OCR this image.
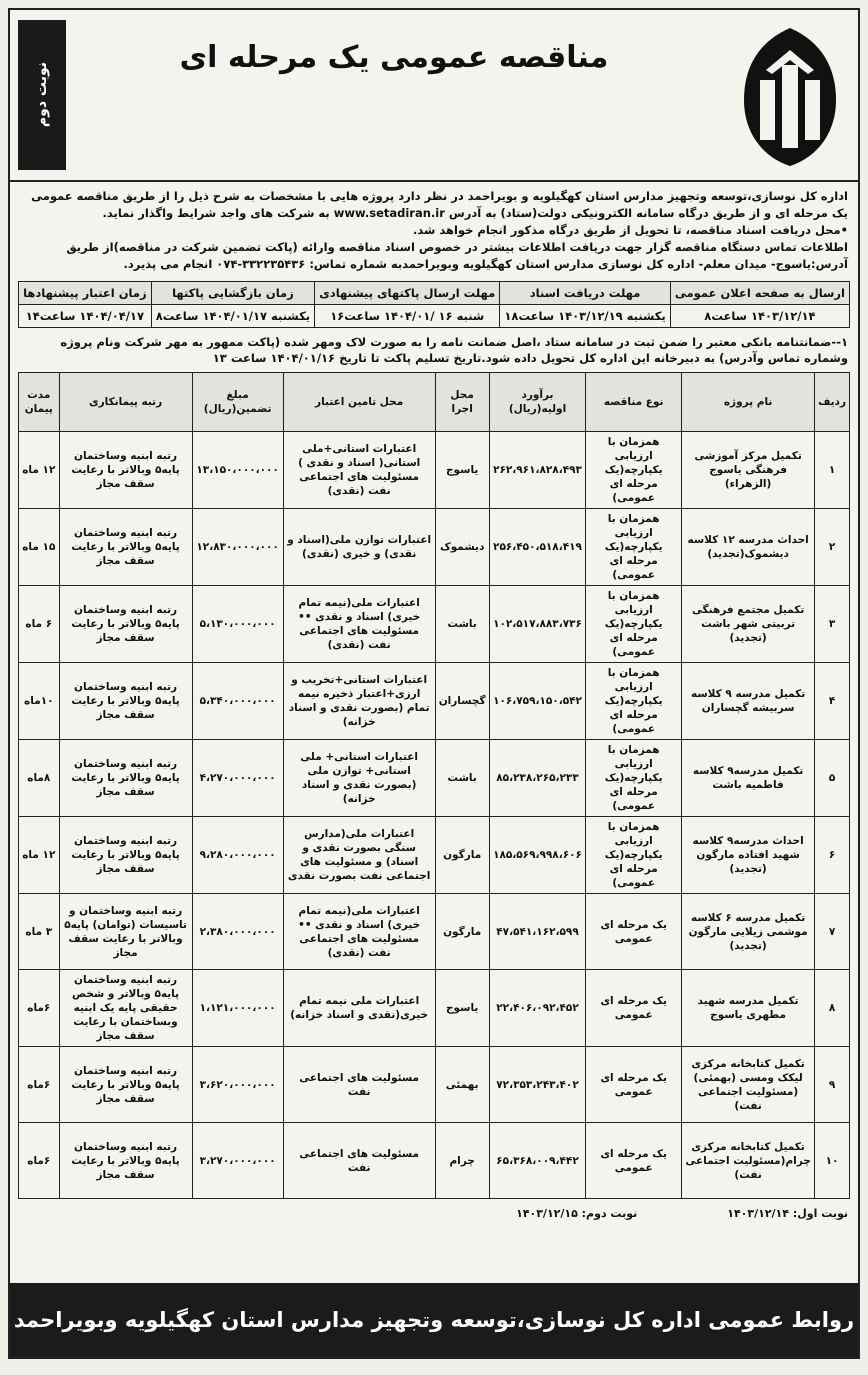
مناقصه عمومی یک مرحله ای
نوبت دوم

اداره کل نوسازی،توسعه وتجهیز مدارس استان کهگیلویه و بویراحمد در نظر دارد پروژه هایی با مشخصات به شرح ذیل را از طریق مناقصه عمومی یک مرحله ای و از طریق درگاه سامانه الکترونیکی دولت(ستاد) به آدرس www.setadiran.ir به شرکت های واجد شرایط واگذار نماید.

•محل دریافت اسناد مناقصه، تا تحویل از طریق درگاه مذکور انجام خواهد شد.

اطلاعات تماس دستگاه مناقصه گزار جهت دریافت اطلاعات بیشتر در خصوص اسناد مناقصه وارائه (پاکت تضمین شرکت در مناقصه)از طریق آدرس:یاسوج- میدان معلم- اداره کل نوسازی مدارس استان کهگیلویه وبویراحمدبه شماره تماس: ۳۳۲۲۳۵۴۳۶-۰۷۴ انجام می پذیرد.

ارسال به صفحه اعلان عمومی	مهلت دریافت اسناد	مهلت ارسال پاکتهای پیشنهادی	زمان بازگشایی پاکتها	زمان اعتبار پیشنهادها
۱۴۰۳/۱۲/۱۴ ساعت۸	یکشنبه ۱۴۰۳/۱۲/۱۹ ساعت۱۸	شنبه ۱۶ /۱۴۰۴/۰۱ ساعت۱۶	یکشنبه ۱۴۰۴/۰۱/۱۷ ساعت۸	۱۴۰۴/۰۴/۱۷ ساعت۱۴
۱--ضمانتنامه بانکی معتبر را ضمن ثبت در سامانه ستاد ،اصل ضمانت نامه را به صورت لاک ومهر شده (پاکت ممهور به مهر شرکت ونام پروژه وشماره تماس وآدرس) به دبیرخانه این اداره کل تحویل داده شود.تاریخ تسلیم پاکت تا تاریخ ۱۴۰۴/۰۱/۱۶ ساعت ۱۳
ردیف	نام پروژه	نوع مناقصه	برآورد اولیه(ریال)	محل اجرا	محل تامین اعتبار	مبلغ تضمین(ریال)	رتبه پیمانکاری	مدت پیمان
۱	تکمیل مرکز آموزشی فرهنگی یاسوج (الزهراء)	همزمان با ارزیابی یکپارچه(یک مرحله ای عمومی)	۲۶۲،۹۶۱،۸۲۸،۴۹۳	یاسوج	اعتبارات استانی+ملی استانی( اسناد و نقدی ) مسئولیت های اجتماعی نفت (نقدی)	۱۳،۱۵۰،۰۰۰،۰۰۰	رتبه ابنیه وساختمان پایه۵ وبالاتر با رعایت سقف مجاز	۱۲ ماه
۲	احداث مدرسه ۱۲ کلاسه دیشموک(تجدید)	همزمان با ارزیابی یکپارچه(یک مرحله ای عمومی)	۲۵۶،۴۵۰،۵۱۸،۴۱۹	دیشموک	اعتبارات توازن ملی(اسناد و نقدی) و خیری (نقدی)	۱۲،۸۳۰،۰۰۰،۰۰۰	رتبه ابنیه وساختمان پایه۵ وبالاتر با رعایت سقف مجاز	۱۵ ماه
۳	تکمیل مجتمع فرهنگی تربیتی شهر باشت (تجدید)	همزمان با ارزیابی یکپارچه(یک مرحله ای عمومی)	۱۰۲،۵۱۷،۸۸۳،۷۳۶	باشت	اعتبارات ملی(نیمه تمام خیری) اسناد و نقدی •• مسئولیت های اجتماعی نفت (نقدی)	۵،۱۳۰،۰۰۰،۰۰۰	رتبه ابنیه وساختمان پایه۵ وبالاتر با رعایت سقف مجاز	۶ ماه
۴	تکمیل مدرسه ۹ کلاسه سربیشه گچساران	همزمان با ارزیابی یکپارچه(یک مرحله ای عمومی)	۱۰۶،۷۵۹،۱۵۰،۵۴۲	گچساران	اعتبارات استانی+تخریب و ارزی+اعتبار ذخیره نیمه تمام (بصورت نقدی و اسناد خزانه)	۵،۳۴۰،۰۰۰،۰۰۰	رتبه ابنیه وساختمان پایه۵ وبالاتر با رعایت سقف مجاز	۱۰ماه
۵	تکمیل مدرسه۹ کلاسه فاطمیه باشت	همزمان با ارزیابی یکپارچه(یک مرحله ای عمومی)	۸۵،۲۳۸،۲۶۵،۲۳۳	باشت	اعتبارات استانی+ ملی استانی+ توازن ملی (بصورت نقدی و اسناد خزانه)	۴،۲۷۰،۰۰۰،۰۰۰	رتبه ابنیه وساختمان پایه۵ وبالاتر با رعایت سقف مجاز	۸ماه
۶	احداث مدرسه۹ کلاسه شهید افتاده مارگون (تجدید)	همزمان با ارزیابی یکپارچه(یک مرحله ای عمومی)	۱۸۵،۵۶۹،۹۹۸،۶۰۶	مارگون	اعتبارات ملی(مدارس سنگی بصورت نقدی و اسناد) و مسئولیت های اجتماعی نفت بصورت نقدی	۹،۲۸۰،۰۰۰،۰۰۰	رتبه ابنیه وساختمان پایه۵ وبالاتر با رعایت سقف مجاز	۱۲ ماه
۷	تکمیل مدرسه ۶ کلاسه موشمی زیلایی مارگون (تجدید)	یک مرحله ای عمومی	۴۷،۵۴۱،۱۶۲،۵۹۹	مارگون	اعتبارات ملی(نیمه تمام خیری) اسناد و نقدی •• مسئولیت های اجتماعی نفت (نقدی)	۲،۳۸۰،۰۰۰،۰۰۰	رتبه ابنیه وساختمان و تاسیسات (توامان) پایه۵ وبالاتر با رعایت سقف مجاز	۳ ماه
۸	تکمیل مدرسه شهید مطهری یاسوج	یک مرحله ای عمومی	۲۲،۴۰۶،۰۹۲،۴۵۲	یاسوج	اعتبارات ملی نیمه تمام خیری(نقدی و اسناد خزانه)	۱،۱۲۱،۰۰۰،۰۰۰	رتبه ابنیه وساختمان پایه۵ وبالاتر و شخص حقیقی پایه یک ابنیه وبساختمان با رعایت سقف مجاز	۶ماه
۹	تکمیل کتابخانه مرکزی لیکک ومسی (بهمئی) (مسئولیت اجتماعی نفت)	یک مرحله ای عمومی	۷۲،۳۵۳،۲۴۳،۴۰۲	بهمئی	مسئولیت های اجتماعی نفت	۳،۶۲۰،۰۰۰،۰۰۰	رتبه ابنیه وساختمان پایه۵ وبالاتر با رعایت سقف مجاز	۶ماه
۱۰	تکمیل کتابخانه مرکزی چرام(مسئولیت اجتماعی نفت)	یک مرحله ای عمومی	۶۵،۳۶۸،۰۰۹،۴۴۲	چرام	مسئولیت های اجتماعی نفت	۳،۲۷۰،۰۰۰،۰۰۰	رتبه ابنیه وساختمان پایه۵ وبالاتر با رعایت سقف مجاز	۶ماه
نوبت اول: ۱۴۰۳/۱۲/۱۴
نوبت دوم: ۱۴۰۳/۱۲/۱۵
روابط عمومی اداره کل نوسازی،توسعه وتجهیز مدارس استان کهگیلویه وبویراحمد
